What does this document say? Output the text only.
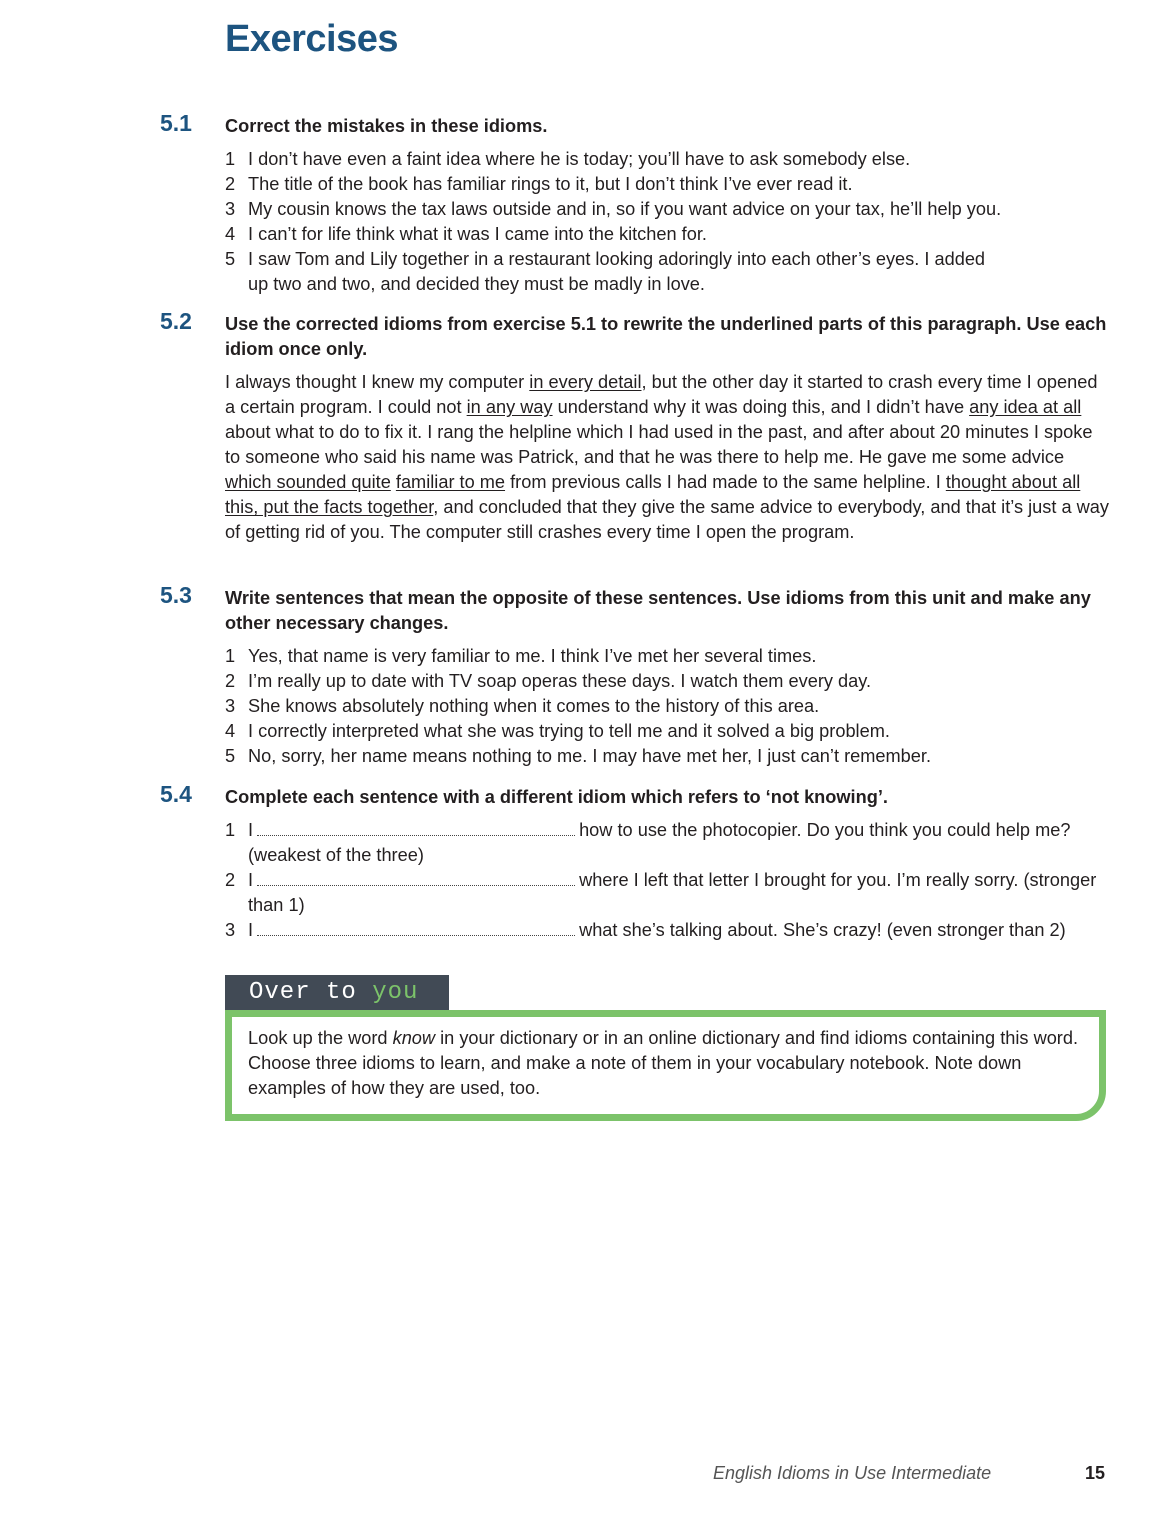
Exercises
5.1 Correct the mistakes in these idioms.
1 I don’t have even a faint idea where he is today; you’ll have to ask somebody else.
2 The title of the book has familiar rings to it, but I don’t think I’ve ever read it.
3 My cousin knows the tax laws outside and in, so if you want advice on your tax, he’ll help you.
4 I can’t for life think what it was I came into the kitchen for.
5 I saw Tom and Lily together in a restaurant looking adoringly into each other’s eyes. I added up two and two, and decided they must be madly in love.
5.2 Use the corrected idioms from exercise 5.1 to rewrite the underlined parts of this paragraph. Use each idiom once only.
I always thought I knew my computer in every detail, but the other day it started to crash every time I opened a certain program. I could not in any way understand why it was doing this, and I didn’t have any idea at all about what to do to fix it. I rang the helpline which I had used in the past, and after about 20 minutes I spoke to someone who said his name was Patrick, and that he was there to help me. He gave me some advice which sounded quite familiar to me from previous calls I had made to the same helpline. I thought about all this, put the facts together, and concluded that they give the same advice to everybody, and that it’s just a way of getting rid of you. The computer still crashes every time I open the program.
5.3 Write sentences that mean the opposite of these sentences. Use idioms from this unit and make any other necessary changes.
1 Yes, that name is very familiar to me. I think I’ve met her several times.
2 I’m really up to date with TV soap operas these days. I watch them every day.
3 She knows absolutely nothing when it comes to the history of this area.
4 I correctly interpreted what she was trying to tell me and it solved a big problem.
5 No, sorry, her name means nothing to me. I may have met her, I just can’t remember.
5.4 Complete each sentence with a different idiom which refers to ‘not knowing’.
1 I	how to use the photocopier. Do you think you could help me? (weakest of the three)
2 I	where I left that letter I brought for you. I’m really sorry. (stronger than 1)
3 I	what she’s talking about. She’s crazy! (even stronger than 2)
Over to you
Look up the word know in your dictionary or in an online dictionary and find idioms containing this word. Choose three idioms to learn, and make a note of them in your vocabulary notebook. Note down examples of how they are used, too.
English Idioms in Use Intermediate	15
